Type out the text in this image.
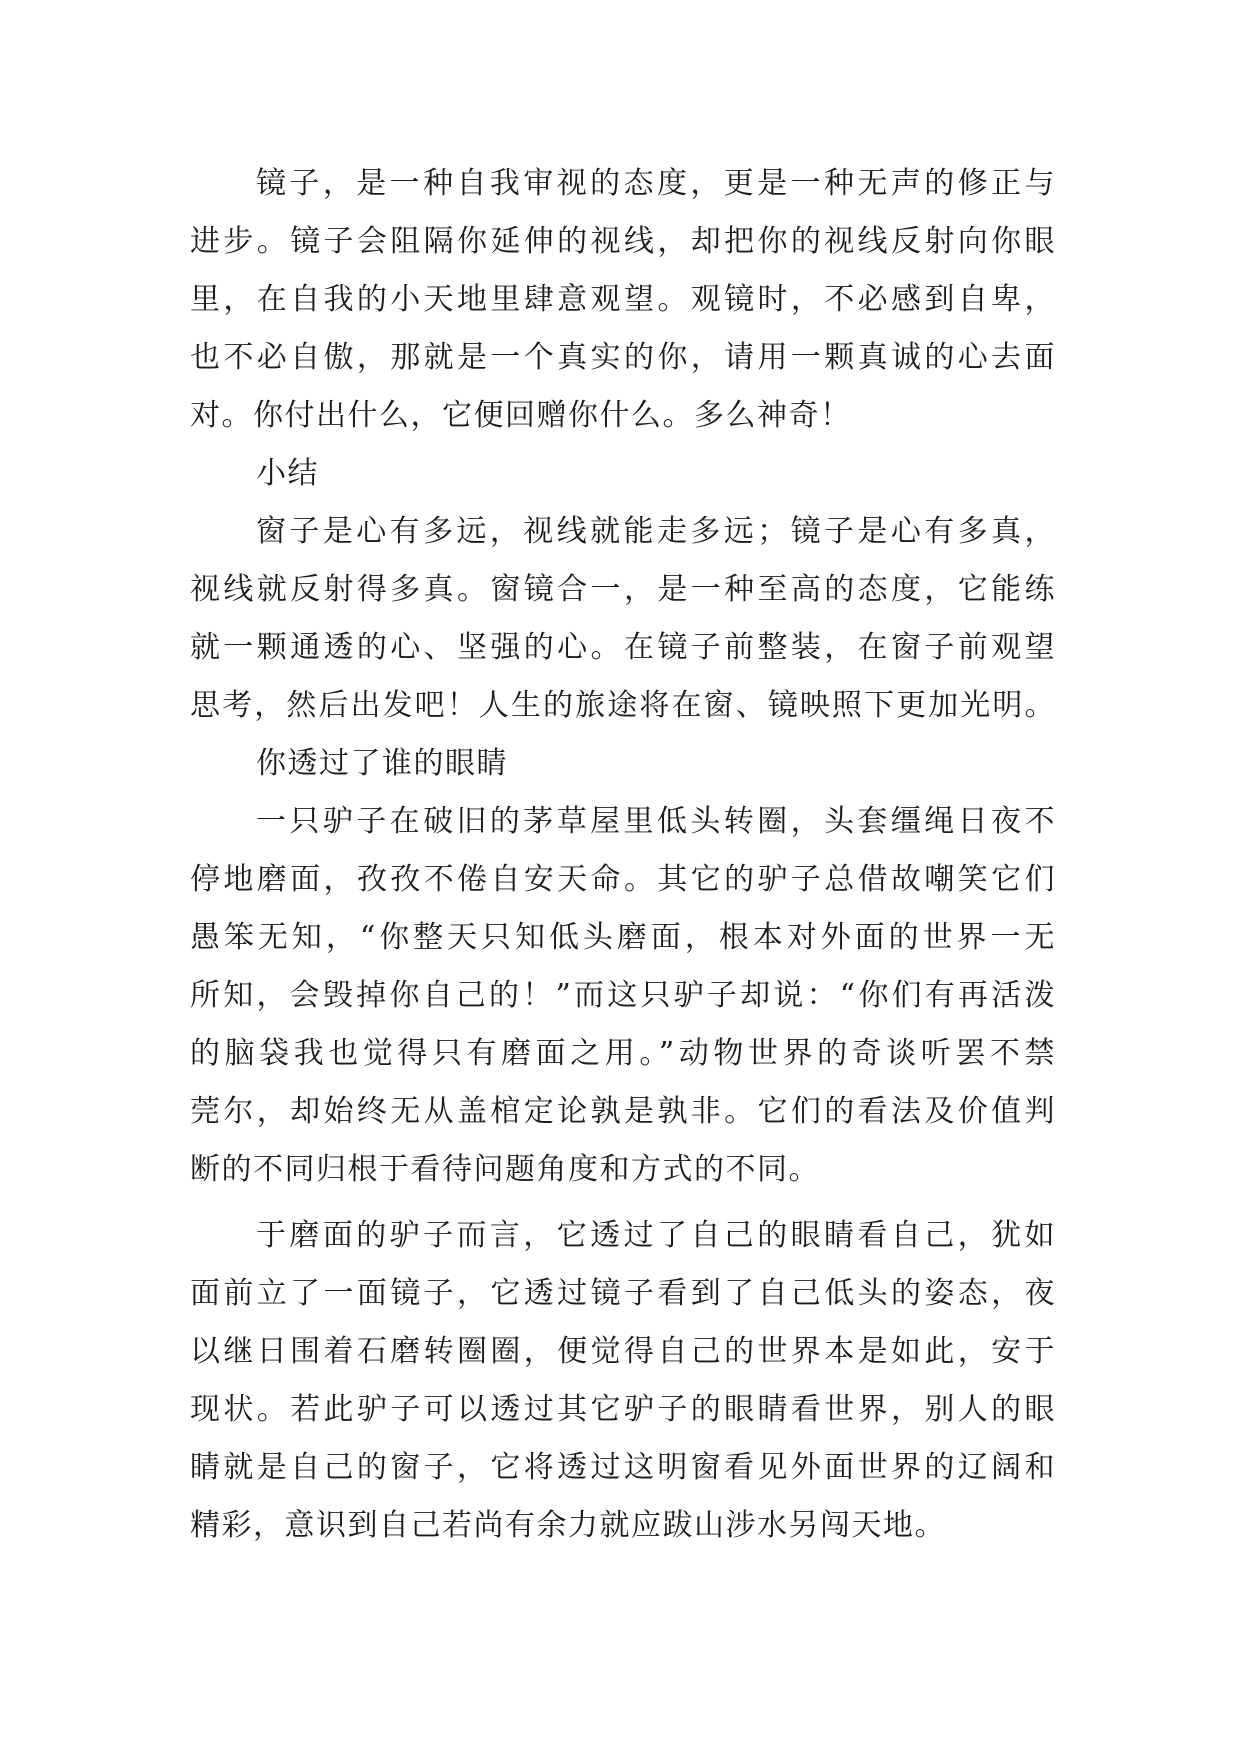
镜子，是一种自我审视的态度，更是一种无声的修正与
进步。镜子会阻隔你延伸的视线，却把你的视线反射向你眼
里，在自我的小天地里肆意观望。观镜时，不必感到自卑，
也不必自傲，那就是一个真实的你，请用一颗真诚的心去面
对。你付出什么，它便回赠你什么。多么神奇！
小结
窗子是心有多远，视线就能走多远；镜子是心有多真，
视线就反射得多真。窗镜合一，是一种至高的态度，它能练
就一颗通透的心、坚强的心。在镜子前整装，在窗子前观望
思考，然后出发吧！人生的旅途将在窗、镜映照下更加光明。
你透过了谁的眼睛
一只驴子在破旧的茅草屋里低头转圈，头套缰绳日夜不
停地磨面，孜孜不倦自安天命。其它的驴子总借故嘲笑它们
愚笨无知，“你整天只知低头磨面，根本对外面的世界一无
所知，会毁掉你自己的！”而这只驴子却说：“你们有再活泼
的脑袋我也觉得只有磨面之用。”动物世界的奇谈听罢不禁
莞尔，却始终无从盖棺定论孰是孰非。它们的看法及价值判
断的不同归根于看待问题角度和方式的不同。
于磨面的驴子而言，它透过了自己的眼睛看自己，犹如
面前立了一面镜子，它透过镜子看到了自己低头的姿态，夜
以继日围着石磨转圈圈，便觉得自己的世界本是如此，安于
现状。若此驴子可以透过其它驴子的眼睛看世界，别人的眼
睛就是自己的窗子，它将透过这明窗看见外面世界的辽阔和
精彩，意识到自己若尚有余力就应跋山涉水另闯天地。
